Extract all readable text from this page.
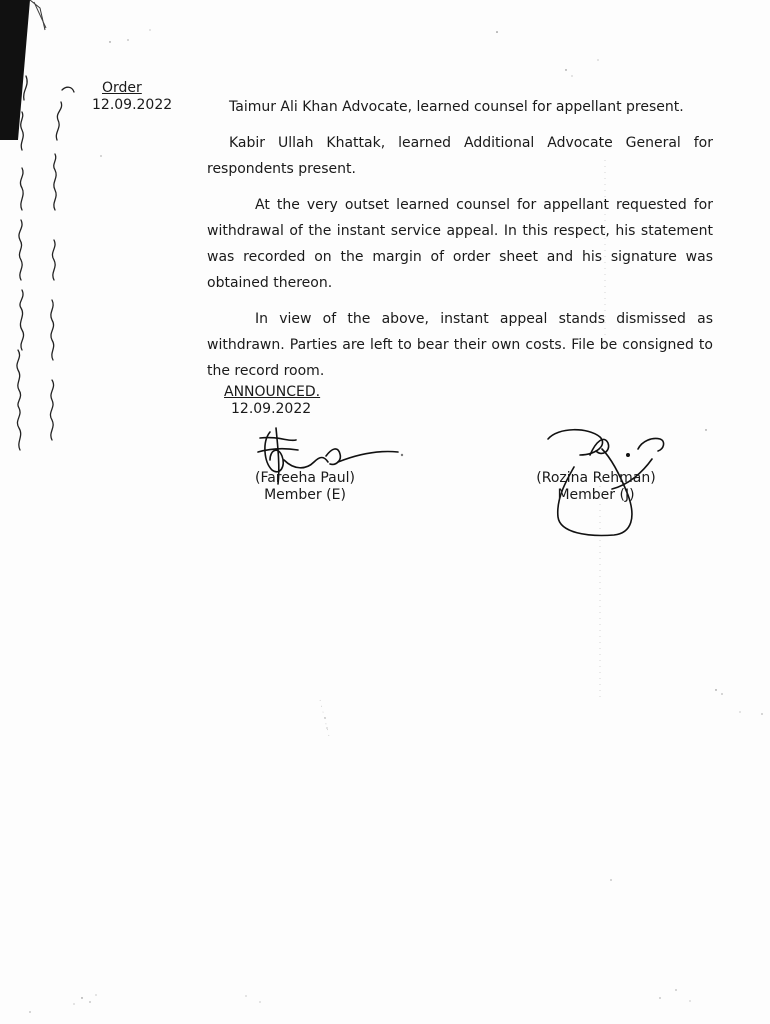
Order
12.09.2022	Taimur Ali Khan Advocate, learned counsel for appellant present.

Kabir Ullah Khattak, learned Additional Advocate General for respondents present.

At the very outset learned counsel for appellant requested for withdrawal of the instant service appeal. In this respect, his statement was recorded on the margin of order sheet and his signature was obtained thereon.

In view of the above, instant appeal stands dismissed as withdrawn. Parties are left to bear their own costs. File be consigned to the record room.

ANNOUNCED.
12.09.2022
(Fareeha Paul)
Member (E)
(Rozina Rehman)
Member (J)
